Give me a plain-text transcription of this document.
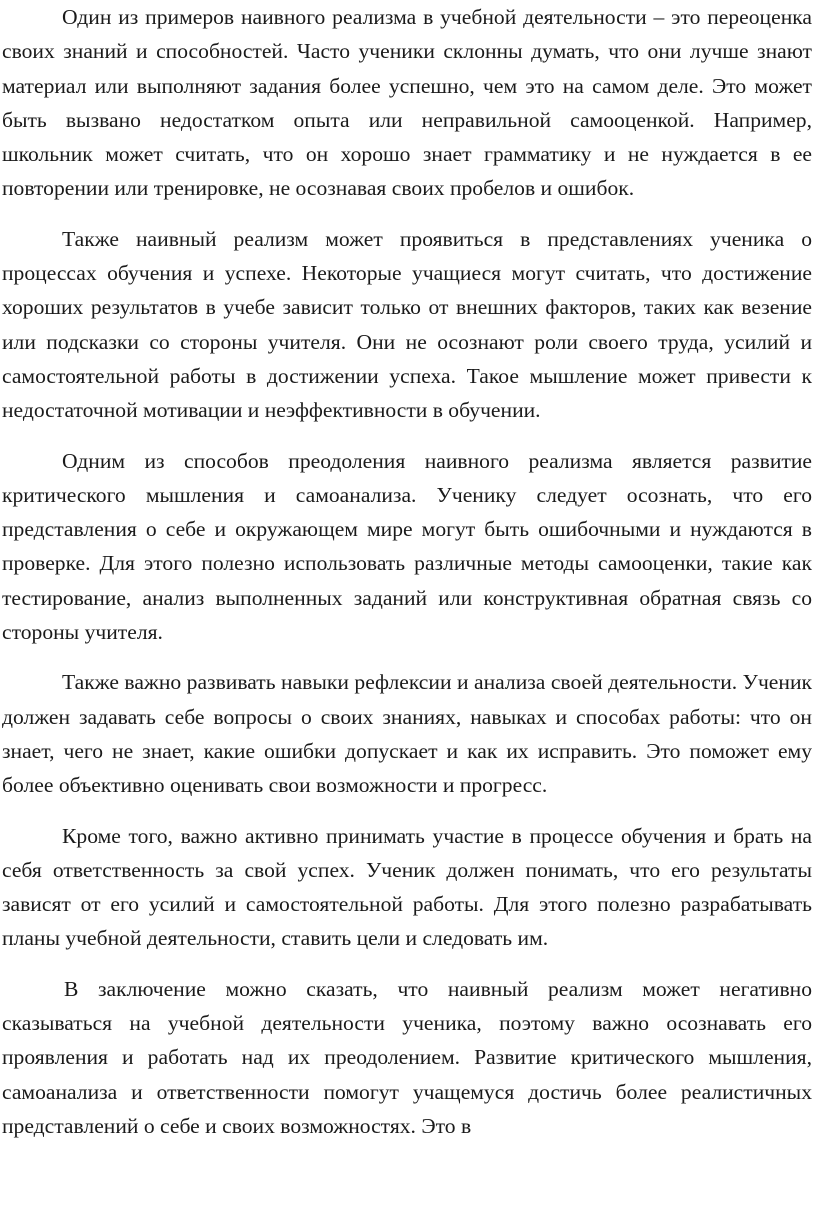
Один из примеров наивного реализма в учебной деятельности – это переоценка своих знаний и способностей. Часто ученики склонны думать, что они лучше знают материал или выполняют задания более успешно, чем это на самом деле. Это может быть вызвано недостатком опыта или неправильной самооценкой. Например, школьник может считать, что он хорошо знает грамматику и не нуждается в ее повторении или тренировке, не осознавая своих пробелов и ошибок.

Также наивный реализм может проявиться в представлениях ученика о процессах обучения и успехе. Некоторые учащиеся могут считать, что достижение хороших результатов в учебе зависит только от внешних факторов, таких как везение или подсказки со стороны учителя. Они не осознают роли своего труда, усилий и самостоятельной работы в достижении успеха. Такое мышление может привести к недостаточной мотивации и неэффективности в обучении.

Одним из способов преодоления наивного реализма является развитие критического мышления и самоанализа. Ученику следует осознать, что его представления о себе и окружающем мире могут быть ошибочными и нуждаются в проверке. Для этого полезно использовать различные методы самооценки, такие как тестирование, анализ выполненных заданий или конструктивная обратная связь со стороны учителя.

Также важно развивать навыки рефлексии и анализа своей деятельности. Ученик должен задавать себе вопросы о своих знаниях, навыках и способах работы: что он знает, чего не знает, какие ошибки допускает и как их исправить. Это поможет ему более объективно оценивать свои возможности и прогресс.

Кроме того, важно активно принимать участие в процессе обучения и брать на себя ответственность за свой успех. Ученик должен понимать, что его результаты зависят от его усилий и самостоятельной работы. Для этого полезно разрабатывать планы учебной деятельности, ставить цели и следовать им.

В заключение можно сказать, что наивный реализм может негативно сказываться на учебной деятельности ученика, поэтому важно осознавать его проявления и работать над их преодолением. Развитие критического мышления, самоанализа и ответственности помогут учащемуся достичь более реалистичных представлений о себе и своих возможностях. Это в
